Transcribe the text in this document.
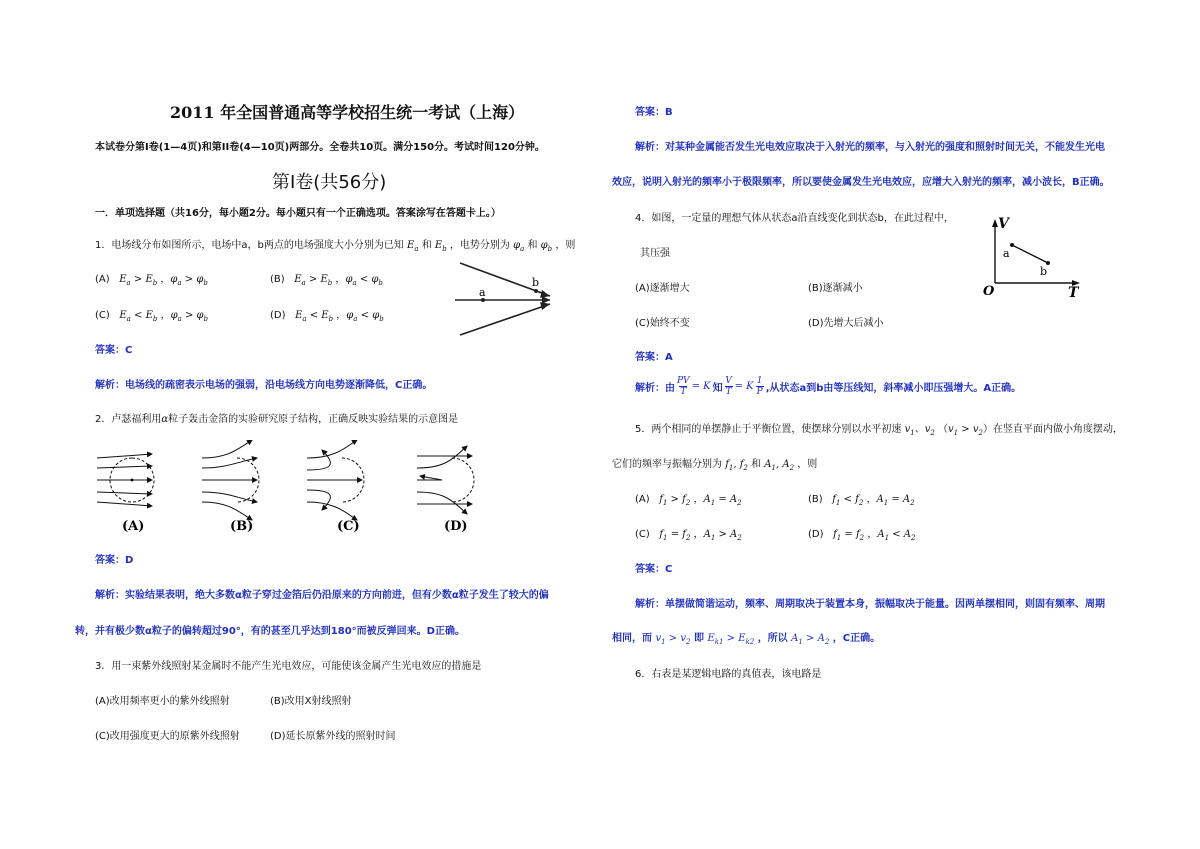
2011 年全国普通高等学校招生统一考试（上海）
本试卷分第I卷(1—4页)和第II卷(4—10页)两部分。全卷共10页。满分150分。考试时间120分钟。
第I卷(共56分)
一．单项选择题（共16分，每小题2分。每小题只有一个正确选项。答案涂写在答题卡上。）
1．电场线分布如图所示，电场中a，b两点的电场强度大小分别为已知 $E_a$ 和 $E_b$ ，电势分别为 $\varphi_a$ 和 $\varphi_b$ ，则
(A) $E_a > E_b$ ，$\varphi_a > \varphi_b$	(B) $E_a > E_b$ ，$\varphi_a < \varphi_b$
(C) $E_a < E_b$ ，$\varphi_a > \varphi_b$	(D) $E_a < E_b$ ，$\varphi_a < \varphi_b$
a
b
答案：C
解析：电场线的疏密表示电场的强弱，沿电场线方向电势逐渐降低，C正确。
2．卢瑟福利用α粒子轰击金箔的实验研究原子结构，正确反映实验结果的示意图是
(A)	(B)	(C)	(D)
答案：D
解析：实验结果表明，绝大多数α粒子穿过金箔后仍沿原来的方向前进，但有少数α粒子发生了较大的偏
转，并有极少数α粒子的偏转超过90°，有的甚至几乎达到180°而被反弹回来。D正确。
3．用一束紫外线照射某金属时不能产生光电效应，可能使该金属产生光电效应的措施是
(A)改用频率更小的紫外线照射	(B)改用X射线照射
(C)改用强度更大的原紫外线照射	(D)延长原紫外线的照射时间
答案：B
解析：对某种金属能否发生光电效应取决于入射光的频率，与入射光的强度和照射时间无关，不能发生光电
效应，说明入射光的频率小于极限频率，所以要使金属发生光电效应，应增大入射光的频率，减小波长，B正确。
4．如图，一定量的理想气体从状态a沿直线变化到状态b，在此过程中，
其压强
(A)逐渐增大	(B)逐渐减小
(C)始终不变	(D)先增大后减小
V
T
O
a
b
答案：A
解析：由 $\frac{PV}{T} = K$ 知 $\frac{V}{T} = K$ 1
P ,从状态a到b由等压线知，斜率减小即压强增大。A正确。
5．两个相同的单摆静止于平衡位置，使摆球分别以水平初速 $v_1$、$v_2$ $(v_1 > v_2)$在竖直平面内做小角度摆动，
它们的频率与振幅分别为 $f_1$, $f_2$ 和 $A_1$, $A_2$ ，则
(A) $f_1 > f_2$ ，$A_1 = A_2$	(B) $f_1 < f_2$ ，$A_1 = A_2$
(C) $f_1 = f_2$ ，$A_1 > A_2$	(D) $f_1 = f_2$ ，$A_1 < A_2$
答案：C
解析：单摆做简谐运动，频率、周期取决于装置本身，振幅取决于能量。因两单摆相同，则固有频率、周期
相同，而 $v_1 > v_2$ 即 $E_{k1} > E_{k2}$ ，所以 $A_1 > A_2$ ，C正确。
6．右表是某逻辑电路的真值表，该电路是
